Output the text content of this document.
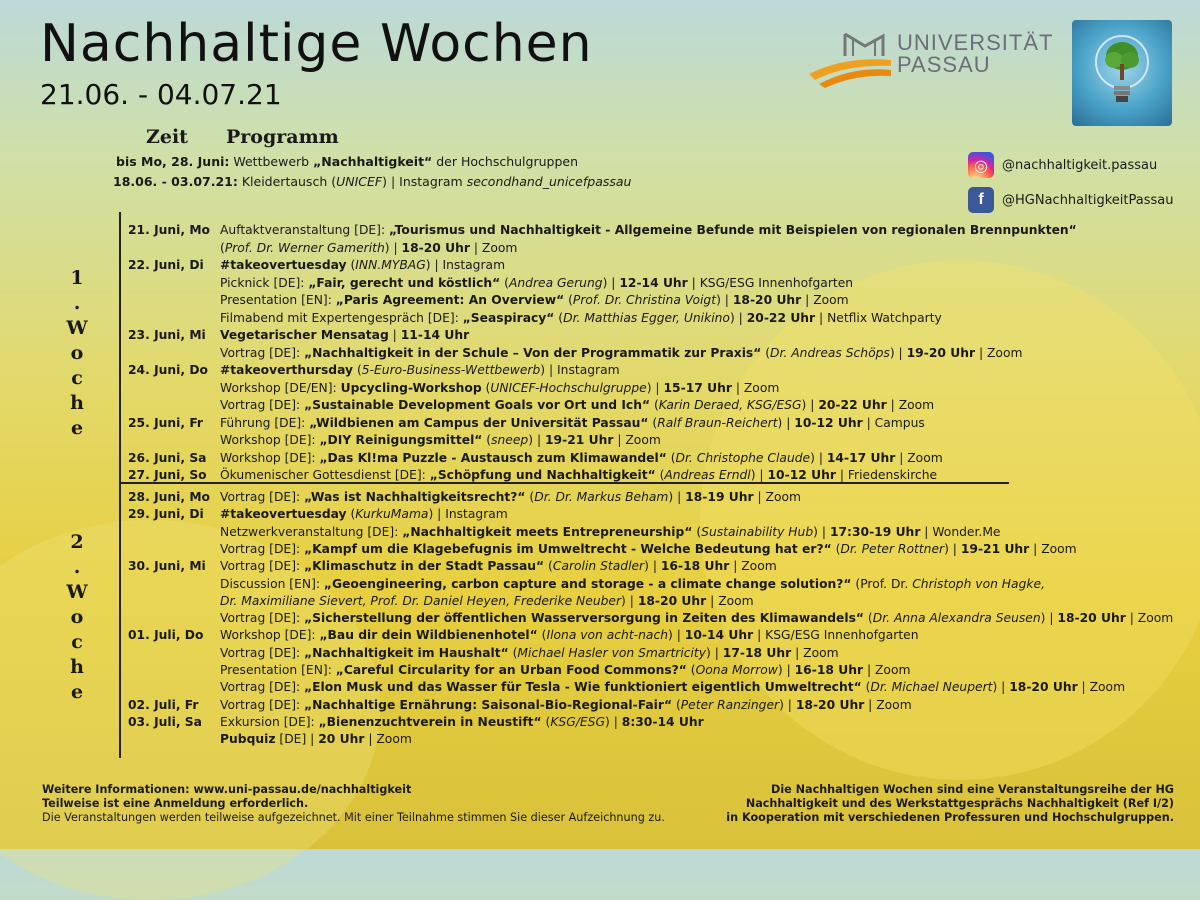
Nachhaltige Wochen
21.06. - 04.07.21
UNIVERSITÄT
PASSAU
Zeit Programm
bis Mo, 28. Juni: Wettbewerb „Nachhaltigkeit“ der Hochschulgruppen
18.06. - 03.07.21: Kleidertausch (UNICEF) | Instagram secondhand_unicefpassau
◎	@nachhaltigkeit.passau
f	@HGNachhaltigkeitPassau
1
.
W
o
c
h
e
2
.
W
o
c
h
e
21. Juni, Mo Auftaktveranstaltung [DE]: „Tourismus und Nachhaltigkeit - Allgemeine Befunde mit Beispielen von regionalen Brennpunkten“
(Prof. Dr. Werner Gamerith) | 18-20 Uhr | Zoom
22. Juni, Di	#takeovertuesday (INN.MYBAG) | Instagram
Picknick [DE]: „Fair, gerecht und köstlich“ (Andrea Gerung) | 12-14 Uhr | KSG/ESG Innenhofgarten
Presentation [EN]: „Paris Agreement: An Overview“ (Prof. Dr. Christina Voigt) | 18-20 Uhr | Zoom
Filmabend mit Expertengespräch [DE]: „Seaspiracy“ (Dr. Matthias Egger, Unikino) | 20-22 Uhr | Netflix Watchparty
23. Juni, Mi	Vegetarischer Mensatag | 11-14 Uhr
Vortrag [DE]: „Nachhaltigkeit in der Schule – Von der Programmatik zur Praxis“ (Dr. Andreas Schöps) | 19-20 Uhr | Zoom
24. Juni, Do #takeoverthursday (5-Euro-Business-Wettbewerb) | Instagram
Workshop [DE/EN]: Upcycling-Workshop (UNICEF-Hochschulgruppe) | 15-17 Uhr | Zoom
Vortrag [DE]: „Sustainable Development Goals vor Ort und Ich“ (Karin Deraed, KSG/ESG) | 20-22 Uhr | Zoom
25. Juni, Fr	Führung [DE]: „Wildbienen am Campus der Universität Passau“ (Ralf Braun-Reichert) | 10-12 Uhr | Campus
Workshop [DE]: „DIY Reinigungsmittel“ (sneep) | 19-21 Uhr | Zoom
26. Juni, Sa	Workshop [DE]: „Das Kl!ma Puzzle - Austausch zum Klimawandel“ (Dr. Christophe Claude) | 14-17 Uhr | Zoom
27. Juni, So	Ökumenischer Gottesdienst [DE]: „Schöpfung und Nachhaltigkeit“ (Andreas Erndl) | 10-12 Uhr | Friedenskirche
28. Juni, Mo Vortrag [DE]: „Was ist Nachhaltigkeitsrecht?“ (Dr. Dr. Markus Beham) | 18-19 Uhr | Zoom
29. Juni, Di	#takeovertuesday (KurkuMama) | Instagram
Netzwerkveranstaltung [DE]: „Nachhaltigkeit meets Entrepreneurship“ (Sustainability Hub) | 17:30-19 Uhr | Wonder.Me
Vortrag [DE]: „Kampf um die Klagebefugnis im Umweltrecht - Welche Bedeutung hat er?“ (Dr. Peter Rottner) | 19-21 Uhr | Zoom
30. Juni, Mi	Vortrag [DE]: „Klimaschutz in der Stadt Passau“ (Carolin Stadler) | 16-18 Uhr | Zoom
Discussion [EN]: „Geoengineering, carbon capture and storage - a climate change solution?“ (Prof. Dr. Christoph von Hagke,
Dr. Maximiliane Sievert, Prof. Dr. Daniel Heyen, Frederike Neuber) | 18-20 Uhr | Zoom
Vortrag [DE]: „Sicherstellung der öffentlichen Wasserversorgung in Zeiten des Klimawandels“ (Dr. Anna Alexandra Seusen) | 18-20 Uhr | Zoom
01. Juli, Do	Workshop [DE]: „Bau dir dein Wildbienenhotel“ (Ilona von acht-nach) | 10-14 Uhr | KSG/ESG Innenhofgarten
Vortrag [DE]: „Nachhaltigkeit im Haushalt“ (Michael Hasler von Smartricity) | 17-18 Uhr | Zoom
Presentation [EN]: „Careful Circularity for an Urban Food Commons?“ (Oona Morrow) | 16-18 Uhr | Zoom
Vortrag [DE]: „Elon Musk und das Wasser für Tesla - Wie funktioniert eigentlich Umweltrecht“ (Dr. Michael Neupert) | 18-20 Uhr | Zoom
02. Juli, Fr	Vortrag [DE]: „Nachhaltige Ernährung: Saisonal-Bio-Regional-Fair“ (Peter Ranzinger) | 18-20 Uhr | Zoom
03. Juli, Sa	Exkursion [DE]: „Bienenzuchtverein in Neustift“ (KSG/ESG) | 8:30-14 Uhr
Pubquiz [DE] | 20 Uhr | Zoom
Weitere Informationen: www.uni-passau.de/nachhaltigkeit
Teilweise ist eine Anmeldung erforderlich.
Die Veranstaltungen werden teilweise aufgezeichnet. Mit einer Teilnahme stimmen Sie dieser Aufzeichnung zu.
Die Nachhaltigen Wochen sind eine Veranstaltungsreihe der HG
Nachhaltigkeit und des Werkstattgesprächs Nachhaltigkeit (Ref I/2)
in Kooperation mit verschiedenen Professuren und Hochschulgruppen.
